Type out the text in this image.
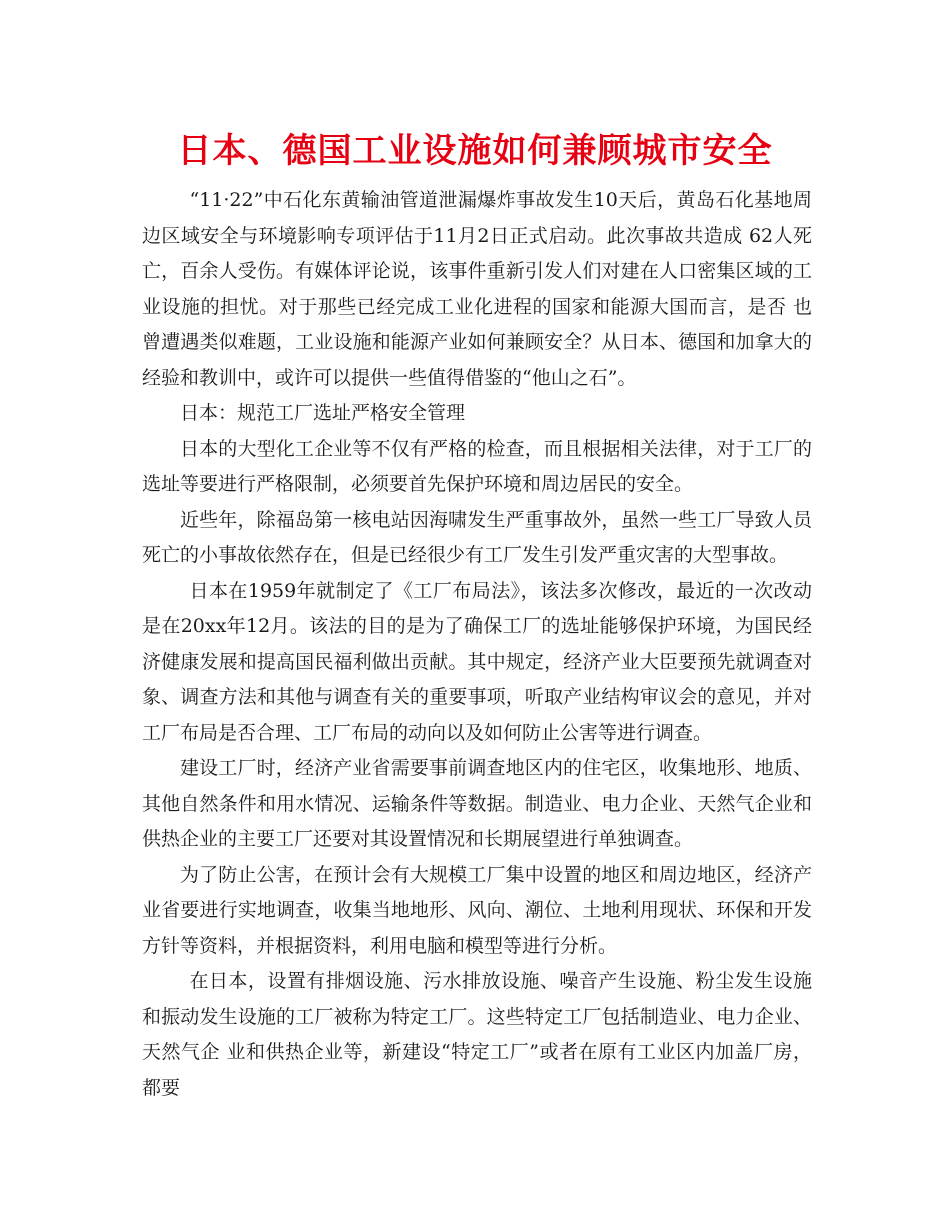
日本、德国工业设施如何兼顾城市安全

“11·22”中石化东黄输油管道泄漏爆炸事故发生10天后，黄岛石化基地周边区域安全与环境影响专项评估于11月2日正式启动。此次事故共造成 62人死亡，百余人受伤。有媒体评论说，该事件重新引发人们对建在人口密集区域的工业设施的担忧。对于那些已经完成工业化进程的国家和能源大国而言，是否 也曾遭遇类似难题，工业设施和能源产业如何兼顾安全？从日本、德国和加拿大的经验和教训中，或许可以提供一些值得借鉴的“他山之石”。

日本：规范工厂选址严格安全管理

日本的大型化工企业等不仅有严格的检查，而且根据相关法律，对于工厂的选址等要进行严格限制，必须要首先保护环境和周边居民的安全。

近些年，除福岛第一核电站因海啸发生严重事故外，虽然一些工厂导致人员死亡的小事故依然存在，但是已经很少有工厂发生引发严重灾害的大型事故。

日本在1959年就制定了《工厂布局法》，该法多次修改，最近的一次改动是在20xx年12月。该法的目的是为了确保工厂的选址能够保护环境，为国民经 济健康发展和提高国民福利做出贡献。其中规定，经济产业大臣要预先就调查对象、调查方法和其他与调查有关的重要事项，听取产业结构审议会的意见，并对工厂布局是否合理、工厂布局的动向以及如何防止公害等进行调查。

建设工厂时，经济产业省需要事前调查地区内的住宅区，收集地形、地质、其他自然条件和用水情况、运输条件等数据。制造业、电力企业、天然气企业和供热企业的主要工厂还要对其设置情况和长期展望进行单独调查。

为了防止公害，在预计会有大规模工厂集中设置的地区和周边地区，经济产业省要进行实地调查，收集当地地形、风向、潮位、土地利用现状、环保和开发方针等资料，并根据资料，利用电脑和模型等进行分析。

在日本，设置有排烟设施、污水排放设施、噪音产生设施、粉尘发生设施和振动发生设施的工厂被称为特定工厂。这些特定工厂包括制造业、电力企业、天然气企 业和供热企业等，新建设“特定工厂”或者在原有工业区内加盖厂房，都要
